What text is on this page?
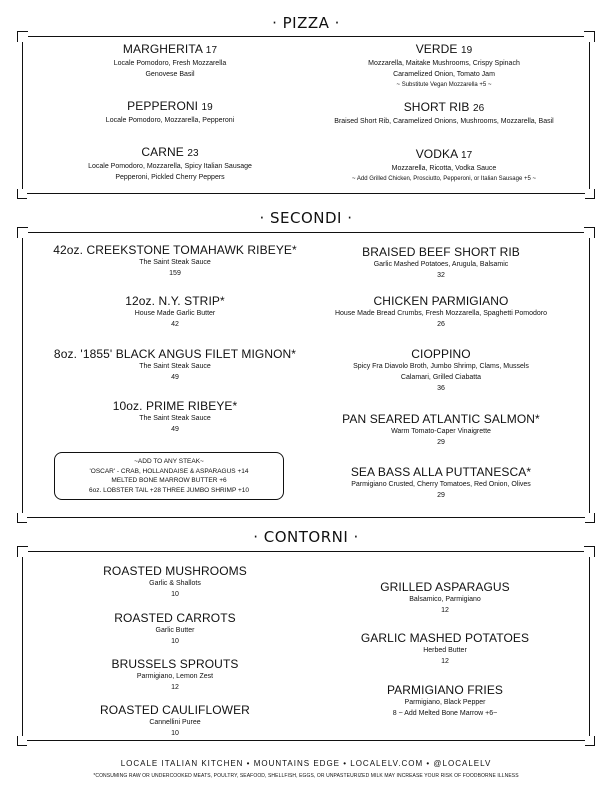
· PIZZA ·
MARGHERITA 17
Locale Pomodoro, Fresh Mozzarella
Genovese Basil
PEPPERONI 19
Locale Pomodoro, Mozzarella, Pepperoni
CARNE 23
Locale Pomodoro, Mozzarella, Spicy Italian Sausage
Pepperoni, Pickled Cherry Peppers
VERDE 19
Mozzarella, Maitake Mushrooms, Crispy Spinach
Caramelized Onion, Tomato Jam
~ Substitute Vegan Mozzarella +5 ~
SHORT RIB 26
Braised Short Rib, Caramelized Onions, Mushrooms, Mozzarella, Basil
VODKA 17
Mozzarella, Ricotta, Vodka Sauce
~ Add Grilled Chicken, Prosciutto, Pepperoni, or Italian Sausage +5 ~
· SECONDI ·
42oz. CREEKSTONE TOMAHAWK RIBEYE*
The Saint Steak Sauce
159
12oz. N.Y. STRIP*
House Made Garlic Butter
42
8oz. '1855' BLACK ANGUS FILET MIGNON*
The Saint Steak Sauce
49
10oz. PRIME RIBEYE*
The Saint Steak Sauce
49
~ADD TO ANY STEAK~
'OSCAR' - CRAB, HOLLANDAISE & ASPARAGUS +14
MELTED BONE MARROW BUTTER +6
6oz. LOBSTER TAIL +28 THREE JUMBO SHRIMP +10
BRAISED BEEF SHORT RIB
Garlic Mashed Potatoes, Arugula, Balsamic
32
CHICKEN PARMIGIANO
House Made Bread Crumbs, Fresh Mozzarella, Spaghetti Pomodoro
26
CIOPPINO
Spicy Fra Diavolo Broth, Jumbo Shrimp, Clams, Mussels
Calamari, Grilled Ciabatta
36
PAN SEARED ATLANTIC SALMON*
Warm Tomato-Caper Vinaigrette
29
SEA BASS ALLA PUTTANESCA*
Parmigiano Crusted, Cherry Tomatoes, Red Onion, Olives
29
· CONTORNI ·
ROASTED MUSHROOMS
Garlic & Shallots
10
ROASTED CARROTS
Garlic Butter
10
BRUSSELS SPROUTS
Parmigiano, Lemon Zest
12
ROASTED CAULIFLOWER
Cannellini Puree
10
GRILLED ASPARAGUS
Balsamico, Parmigiano
12
GARLIC MASHED POTATOES
Herbed Butter
12
PARMIGIANO FRIES
Parmigiano, Black Pepper
8 ~ Add Melted Bone Marrow +6~
LOCALE ITALIAN KITCHEN • MOUNTAINS EDGE • LOCALELV.COM • @LOCALELV
*CONSUMING RAW OR UNDERCOOKED MEATS, POULTRY, SEAFOOD, SHELLFISH, EGGS, OR UNPASTEURIZED MILK MAY INCREASE YOUR RISK OF FOODBORNE ILLNESS
